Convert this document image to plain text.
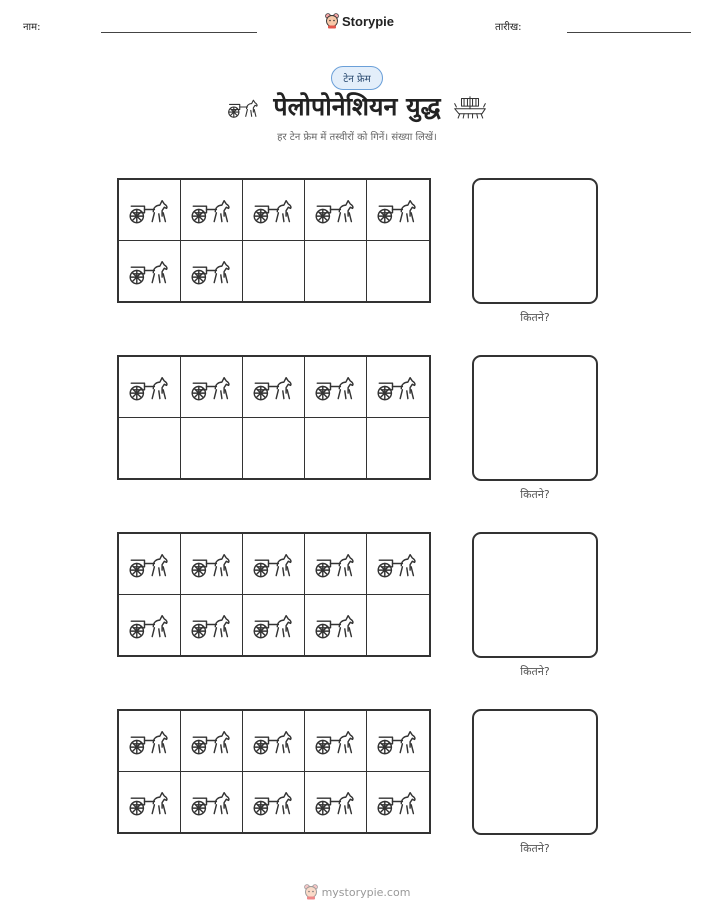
नाम:	Storypie	तारीख:
टेन फ्रेम
पेलोपोनेशियन युद्ध
हर टेन फ्रेम में तस्वीरों को गिनें। संख्या लिखें।
कितने?
कितने?
कितने?
कितने?
mystorypie.com
